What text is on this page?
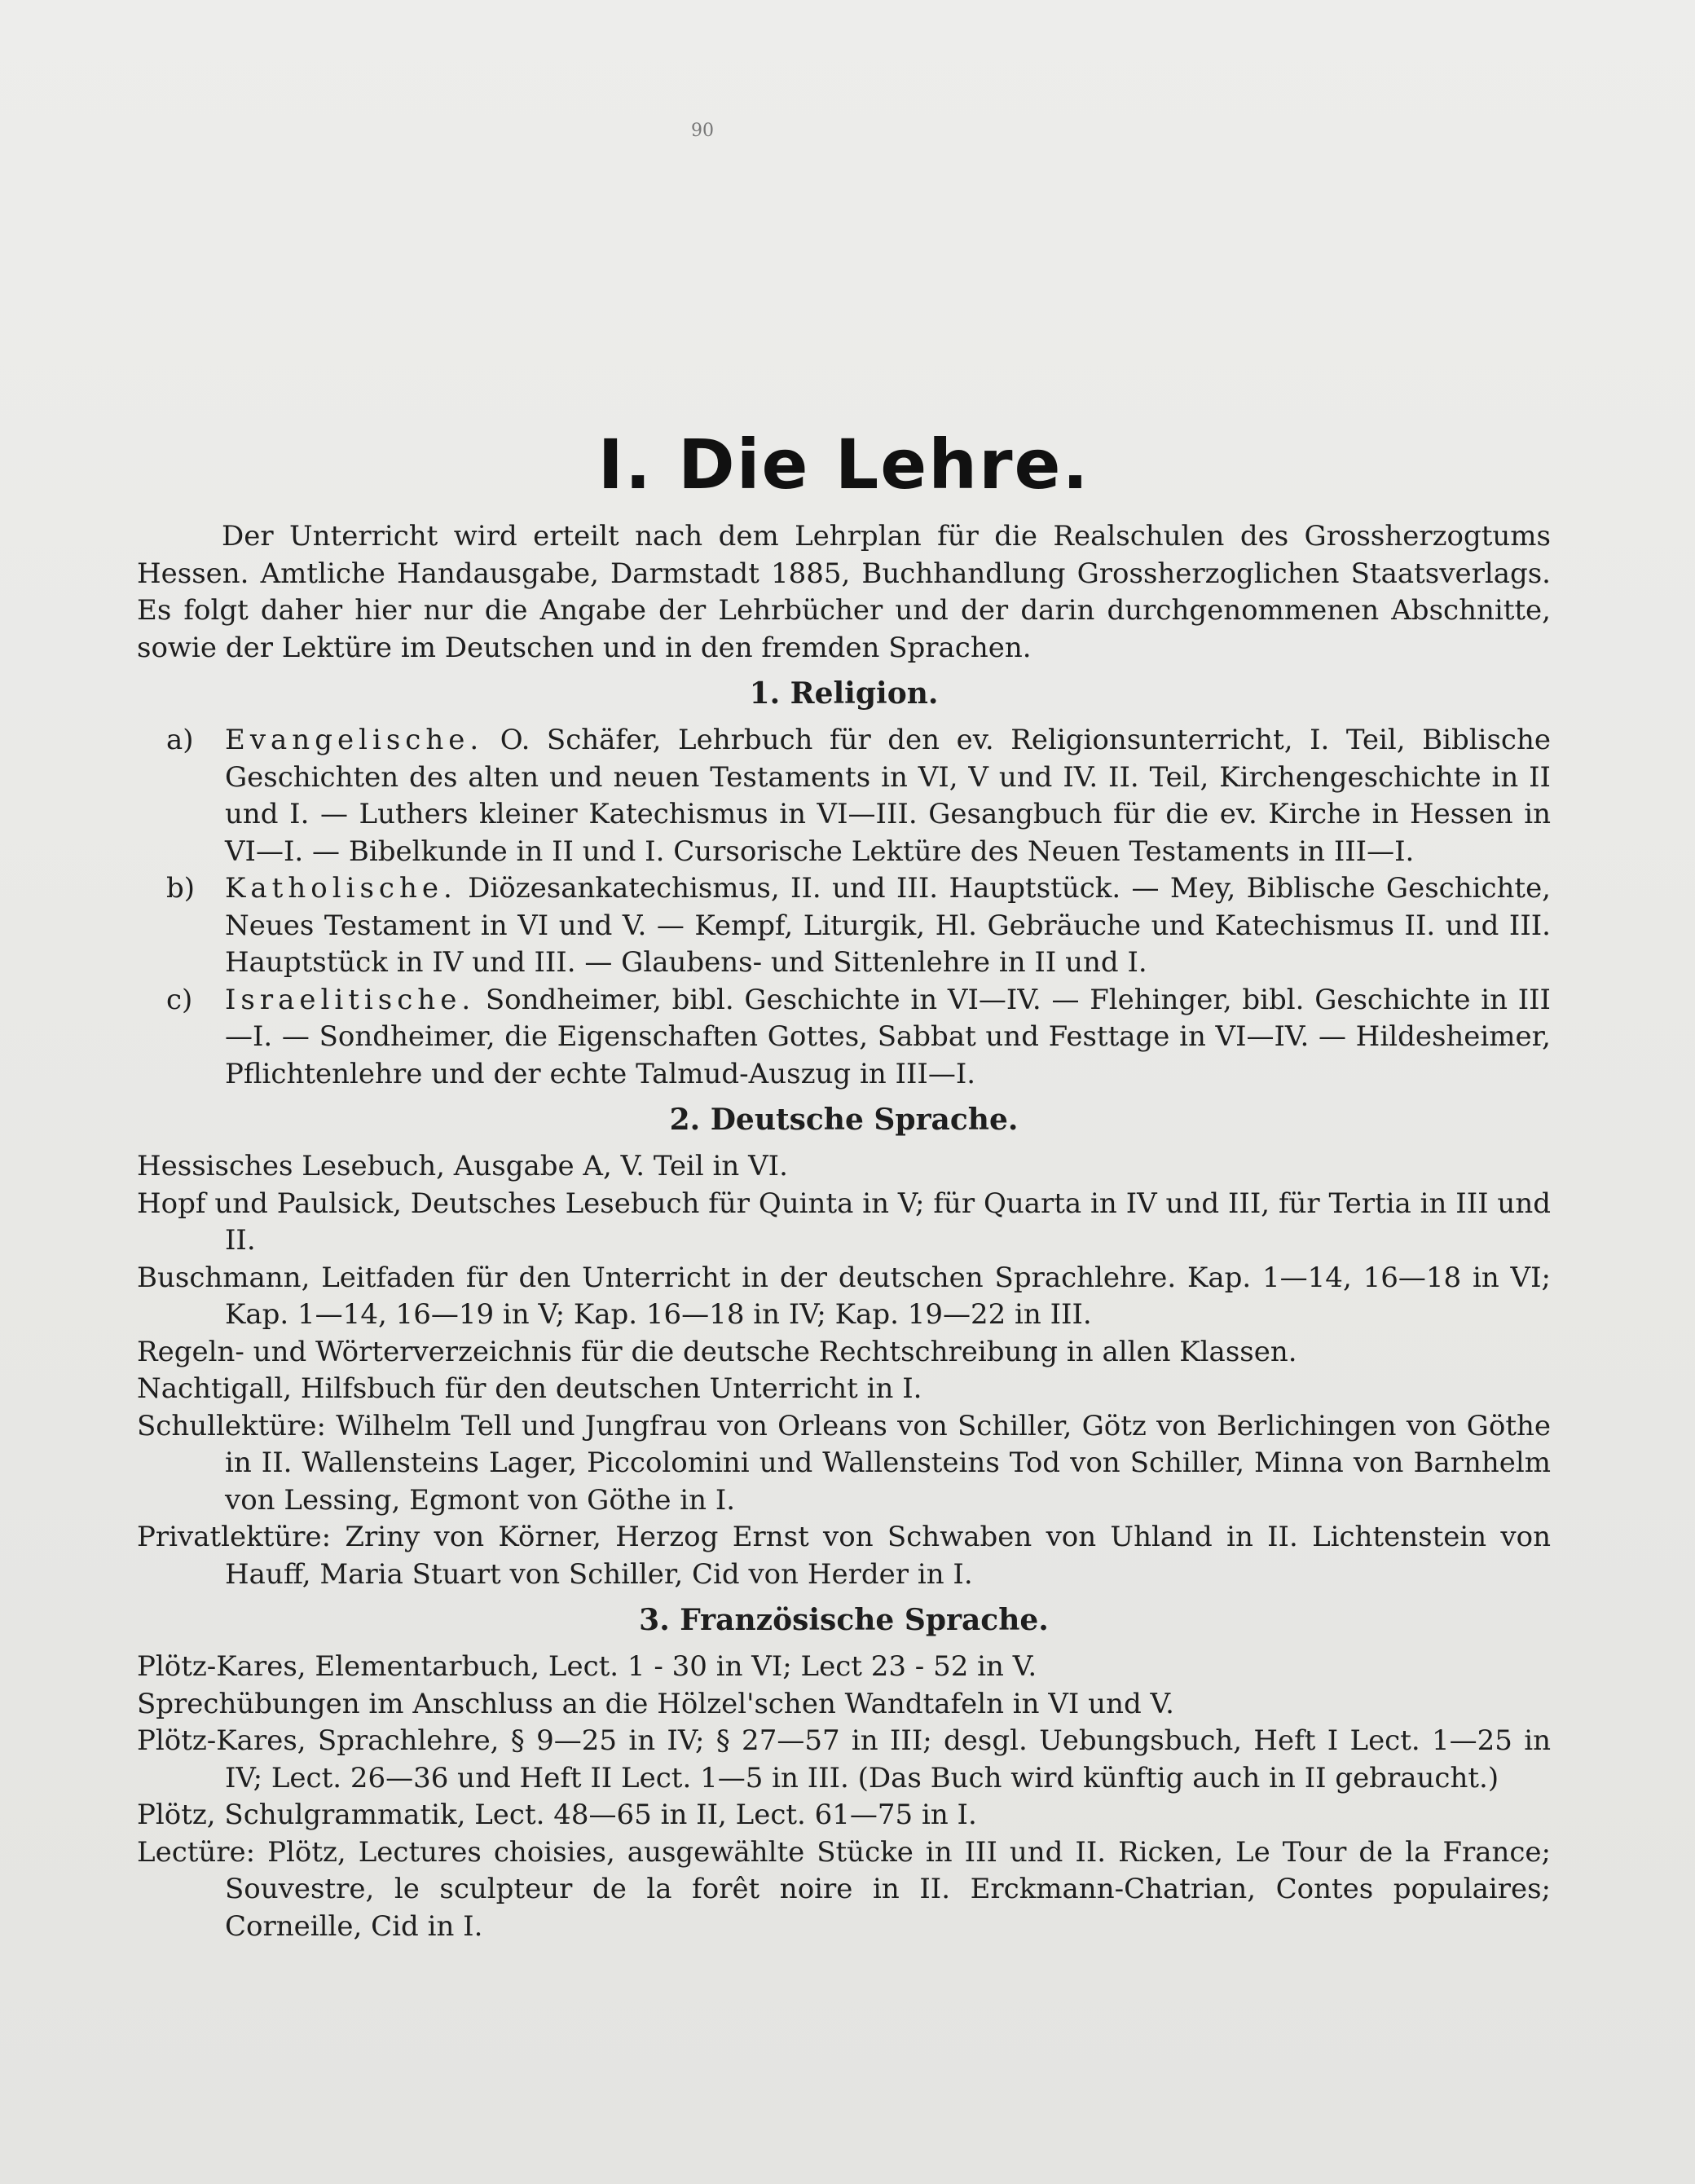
90
I. Die Lehre.

Der Unterricht wird erteilt nach dem Lehrplan für die Realschulen des Grossherzogtums Hessen. Amtliche Handausgabe, Darmstadt 1885, Buchhandlung Grossherzoglichen Staatsverlags. Es folgt daher hier nur die Angabe der Lehrbücher und der darin durchgenommenen Abschnitte, sowie der Lektüre im Deutschen und in den fremden Sprachen.

1. Religion.
a) Evangelische. O. Schäfer, Lehrbuch für den ev. Religionsunterricht, I. Teil, Biblische Geschichten des alten und neuen Testaments in VI, V und IV. II. Teil, Kirchengeschichte in II und I. — Luthers kleiner Katechismus in VI—III. Gesangbuch für die ev. Kirche in Hessen in VI—I. — Bibelkunde in II und I. Cursorische Lektüre des Neuen Testaments in III—I.
b) Katholische. Diözesankatechismus, II. und III. Hauptstück. — Mey, Biblische Geschichte, Neues Testament in VI und V. — Kempf, Liturgik, Hl. Gebräuche und Katechismus II. und III. Hauptstück in IV und III. — Glaubens- und Sittenlehre in II und I.
c) Israelitische. Sondheimer, bibl. Geschichte in VI—IV. — Flehinger, bibl. Geschichte in III—I. — Sondheimer, die Eigenschaften Gottes, Sabbat und Festtage in VI—IV. — Hildesheimer, Pflichtenlehre und der echte Talmud-Auszug in III—I.
2. Deutsche Sprache.
Hessisches Lesebuch, Ausgabe A, V. Teil in VI.
Hopf und Paulsick, Deutsches Lesebuch für Quinta in V; für Quarta in IV und III, für Tertia in III und II.
Buschmann, Leitfaden für den Unterricht in der deutschen Sprachlehre. Kap. 1—14, 16—18 in VI; Kap. 1—14, 16—19 in V; Kap. 16—18 in IV; Kap. 19—22 in III.
Regeln- und Wörterverzeichnis für die deutsche Rechtschreibung in allen Klassen.
Nachtigall, Hilfsbuch für den deutschen Unterricht in I.
Schullektüre: Wilhelm Tell und Jungfrau von Orleans von Schiller, Götz von Berlichingen von Göthe in II. Wallensteins Lager, Piccolomini und Wallensteins Tod von Schiller, Minna von Barnhelm von Lessing, Egmont von Göthe in I.
Privatlektüre: Zriny von Körner, Herzog Ernst von Schwaben von Uhland in II. Lichtenstein von Hauff, Maria Stuart von Schiller, Cid von Herder in I.
3. Französische Sprache.
Plötz-Kares, Elementarbuch, Lect. 1 - 30 in VI; Lect 23 - 52 in V.
Sprechübungen im Anschluss an die Hölzel'schen Wandtafeln in VI und V.
Plötz-Kares, Sprachlehre, § 9—25 in IV; § 27—57 in III; desgl. Uebungsbuch, Heft I Lect. 1—25 in IV; Lect. 26—36 und Heft II Lect. 1—5 in III. (Das Buch wird künftig auch in II gebraucht.)
Plötz, Schulgrammatik, Lect. 48—65 in II, Lect. 61—75 in I.
Lectüre: Plötz, Lectures choisies, ausgewählte Stücke in III und II. Ricken, Le Tour de la France; Souvestre, le sculpteur de la forêt noire in II. Erckmann-Chatrian, Contes populaires; Corneille, Cid in I.
